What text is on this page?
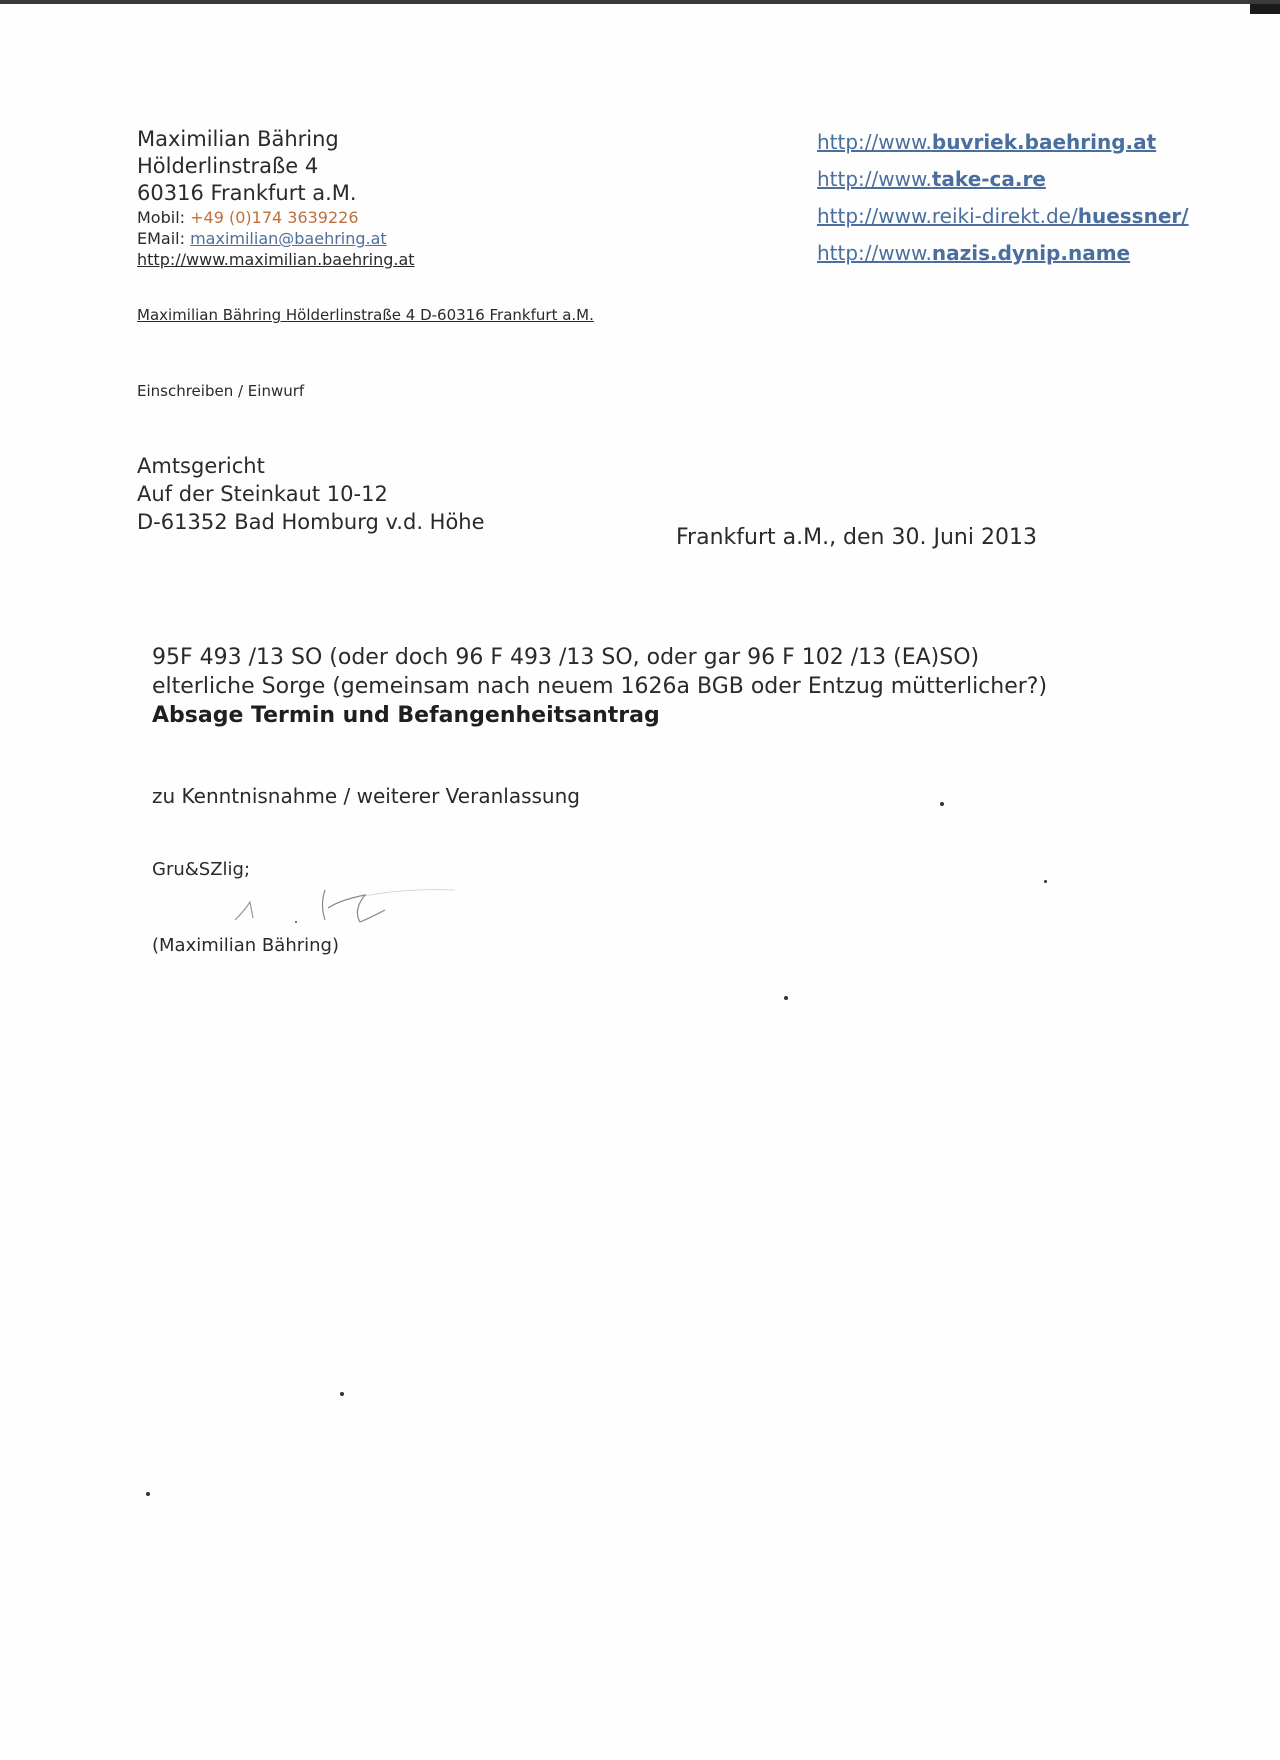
Maximilian Bähring
Hölderlinstraße 4
60316 Frankfurt a.M.
Mobil: +49 (0)174 3639226
EMail: maximilian@baehring.at
http://www.maximilian.baehring.at
http://www.buvriek.baehring.at
http://www.take-ca.re
http://www.reiki-direkt.de/huessner/
http://www.nazis.dynip.name
Maximilian Bähring Hölderlinstraße 4 D-60316 Frankfurt a.M.
Einschreiben / Einwurf
Amtsgericht
Auf der Steinkaut 10-12
D-61352 Bad Homburg v.d. Höhe
Frankfurt a.M., den 30. Juni 2013
95F 493 /13 SO (oder doch 96 F 493 /13 SO, oder gar 96 F 102 /13 (EA)SO)
elterliche Sorge (gemeinsam nach neuem 1626a BGB oder Entzug mütterlicher?)
Absage Termin und Befangenheitsantrag
zu Kenntnisnahme / weiterer Veranlassung
Gru&SZlig;
(Maximilian Bähring)
